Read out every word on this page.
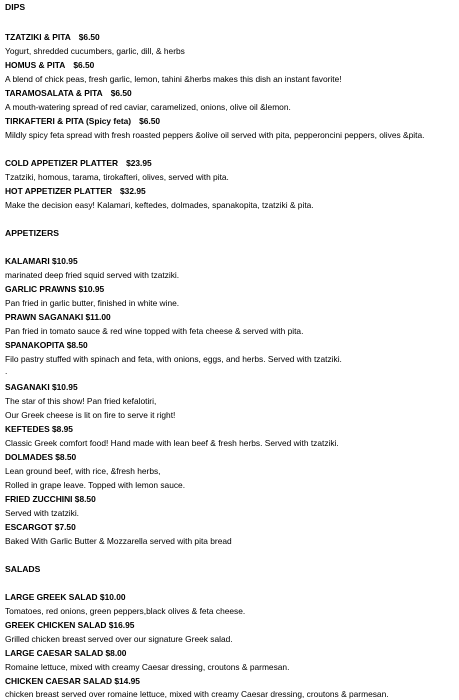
DIPS
TZATZIKI & PITA $6.50
Yogurt, shredded cucumbers, garlic, dill, & herbs
HOMUS & PITA $6.50
A blend of chick peas, fresh garlic, lemon, tahini &herbs makes this dish an instant favorite!
TARAMOSALATA & PITA $6.50
A mouth-watering spread of red caviar, caramelized, onions, olive oil &lemon.
TIRKAFTERI & PITA (Spicy feta) $6.50
Mildly spicy feta spread with fresh roasted peppers &olive oil served with pita, pepperoncini peppers, olives &pita.
COLD APPETIZER PLATTER $23.95
Tzatziki, homous, tarama, tirokafteri, olives, served with pita.
HOT APPETIZER PLATTER $32.95
Make the decision easy! Kalamari, keftedes, dolmades, spanakopita, tzatziki & pita.
APPETIZERS
KALAMARI $10.95
marinated deep fried squid served with tzatziki.
GARLIC PRAWNS $10.95
Pan fried in garlic butter, finished in white wine.
PRAWN SAGANAKI $11.00
Pan fried in tomato sauce & red wine topped with feta cheese & served with pita.
SPANAKOPITA $8.50
Filo pastry stuffed with spinach and feta, with onions, eggs, and herbs. Served with tzatziki.
.
SAGANAKI $10.95
The star of this show! Pan fried kefalotiri,
Our Greek cheese is lit on fire to serve it right!
KEFTEDES $8.95
Classic Greek comfort food! Hand made with lean beef & fresh herbs. Served with tzatziki.
DOLMADES $8.50
Lean ground beef, with rice, &fresh herbs,
Rolled in grape leave. Topped with lemon sauce.
FRIED ZUCCHINI $8.50
Served with tzatziki.
ESCARGOT $7.50
Baked With Garlic Butter & Mozzarella served with pita bread
SALADS
LARGE GREEK SALAD $10.00
Tomatoes, red onions, green peppers,black olives & feta cheese.
GREEK CHICKEN SALAD $16.95
Grilled chicken breast served over our signature Greek salad.
LARGE CAESAR SALAD $8.00
Romaine lettuce, mixed with creamy Caesar dressing, croutons & parmesan.
CHICKEN CAESAR SALAD $14.95
chicken breast served over romaine lettuce, mixed with creamy Caesar dressing, croutons & parmesan.
